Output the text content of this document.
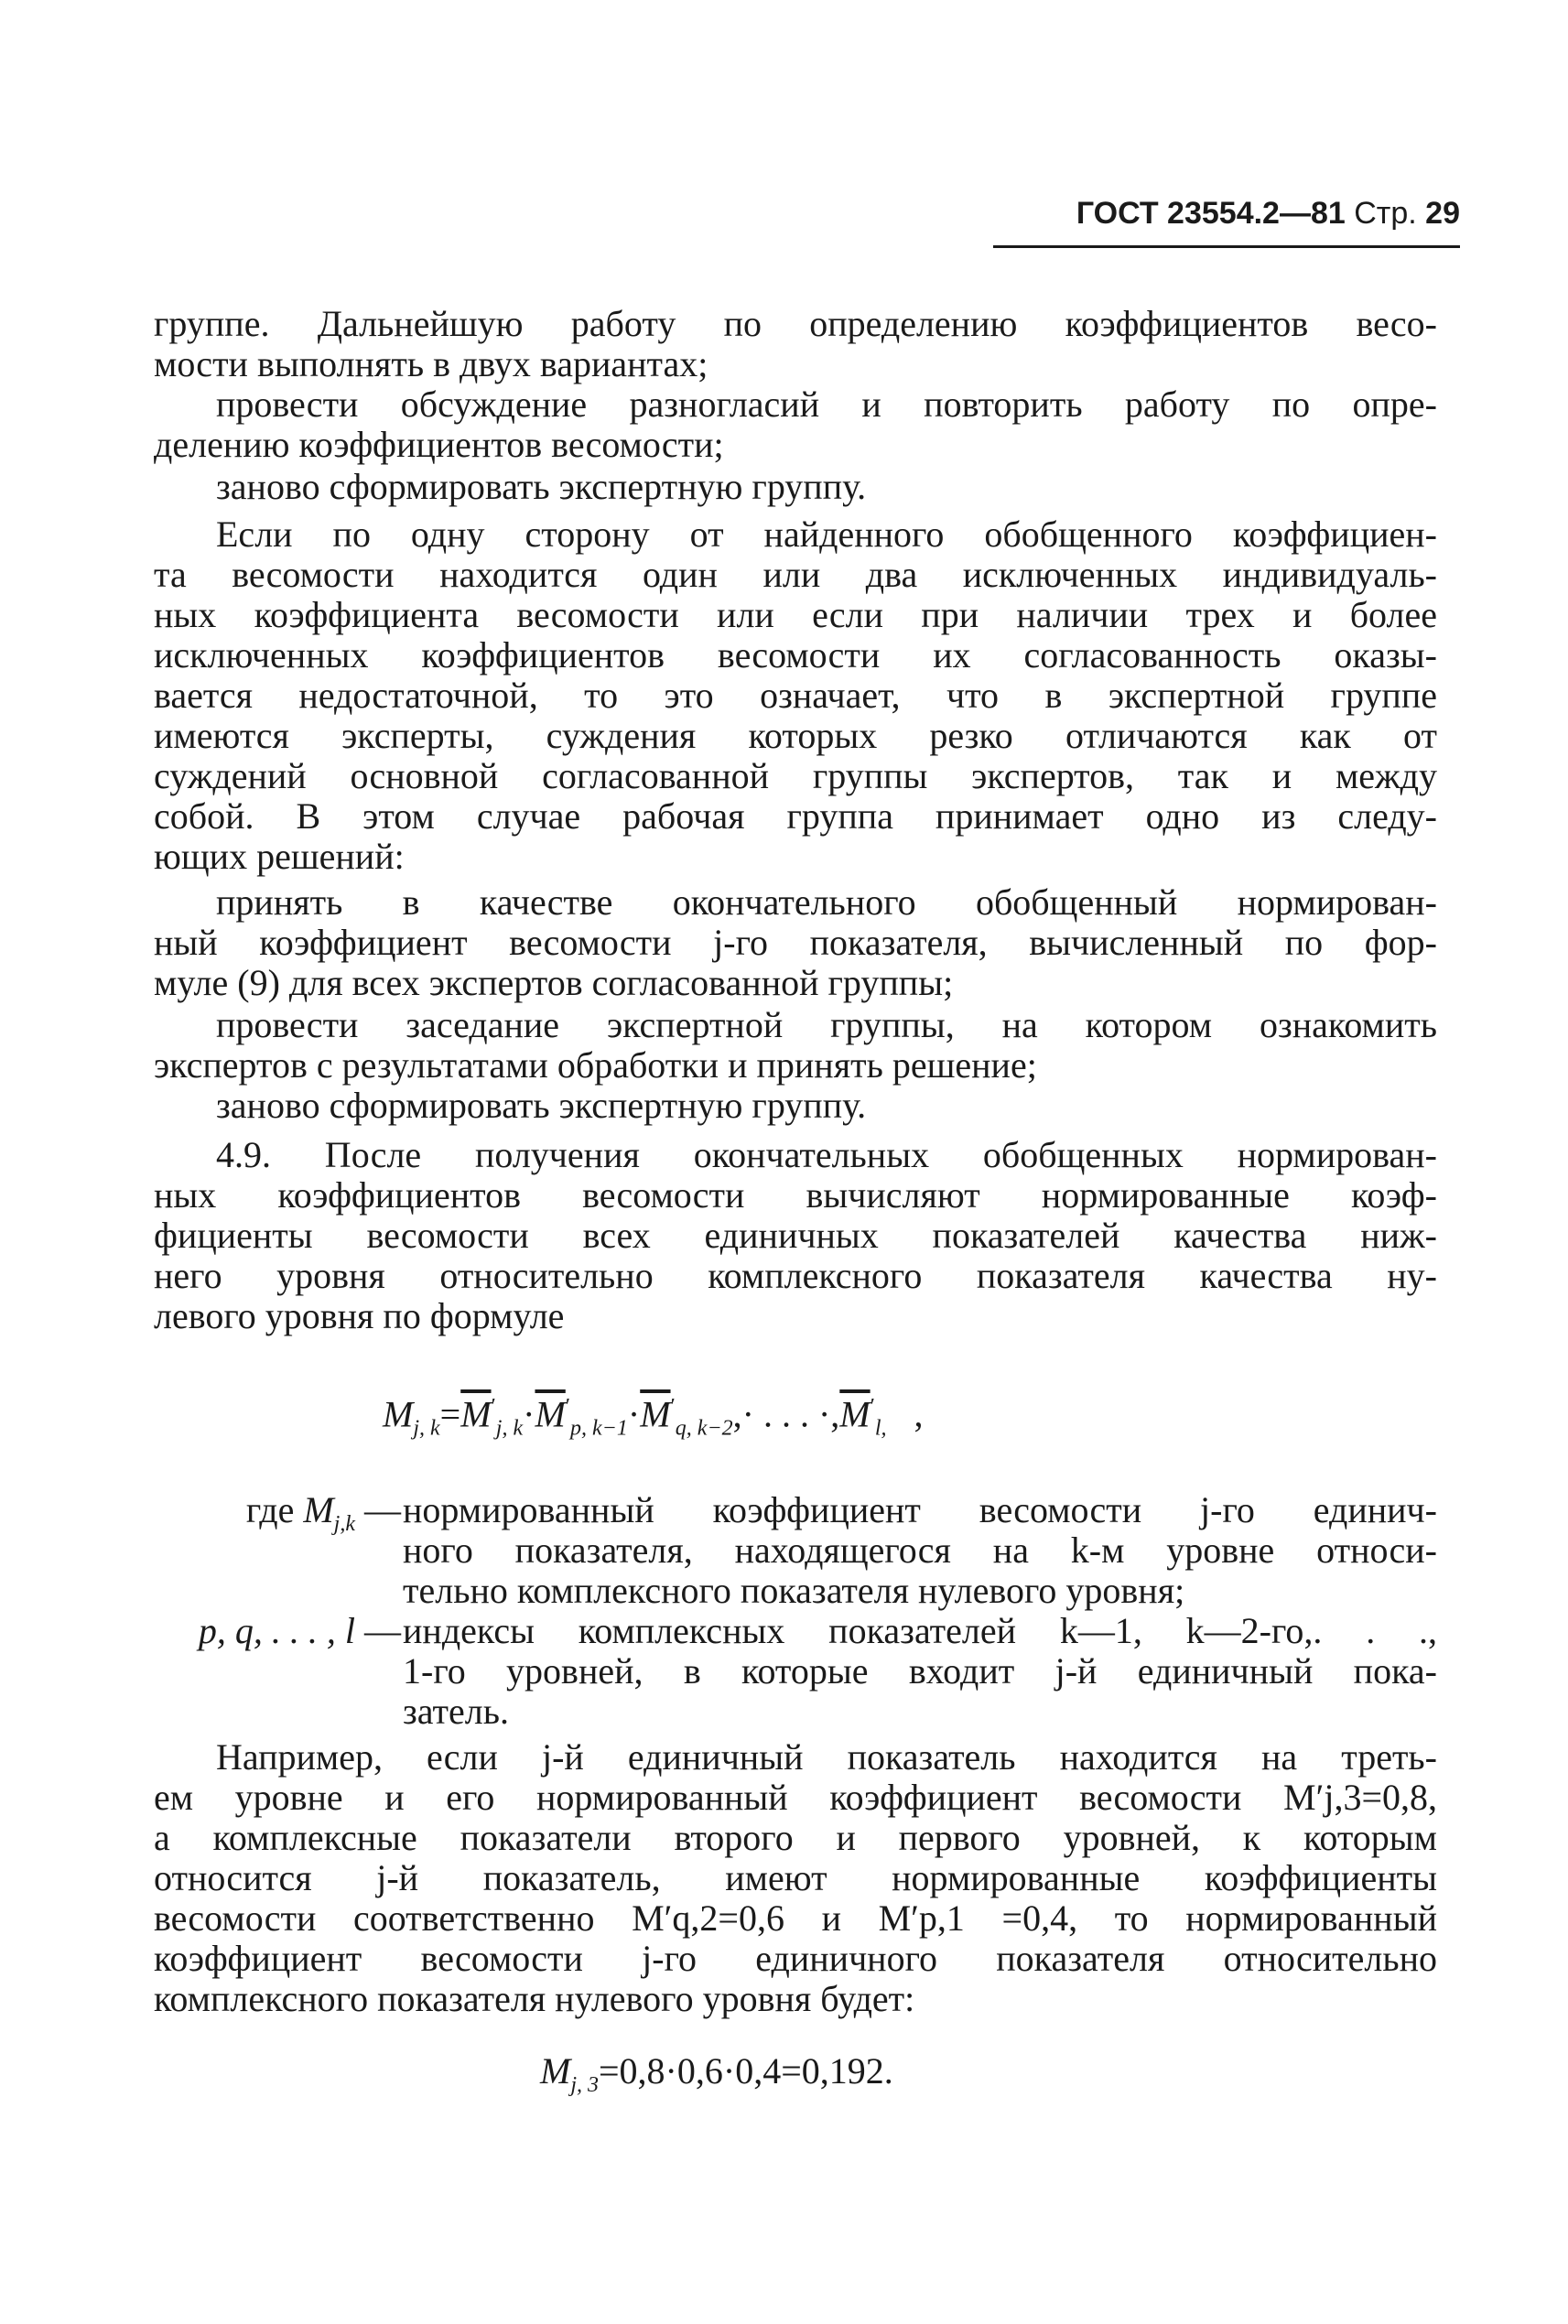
ГОСТ 23554.2—81 Стр. 29
группе. Дальнейшую работу по определению коэффициентов весо-
мости выполнять в двух вариантах;
провести обсуждение разногласий и повторить работу по опре-
делению коэффициентов весомости;
заново сформировать экспертную группу.
Если по одну сторону от найденного обобщенного коэффициен-
та весомости находится один или два исключенных индивидуаль-
ных коэффициента весомости или если при наличии трех и более
исключенных коэффициентов весомости их согласованность оказы-
вается недостаточной, то это означает, что в экспертной группе
имеются эксперты, суждения которых резко отличаются как от
суждений основной согласованной группы экспертов, так и между
собой. В этом случае рабочая группа принимает одно из следу-
ющих решений:
принять в качестве окончательного обобщенный нормирован-
ный коэффициент весомости j-го показателя, вычисленный по фор-
муле (9) для всех экспертов согласованной группы;
провести заседание экспертной группы, на котором ознакомить
экспертов с результатами обработки и принять решение;
заново сформировать экспертную группу.
4.9. После получения окончательных обобщенных нормирован-
ных коэффициентов весомости вычисляют нормированные коэф-
фициенты весомости всех единичных показателей качества ниж-
него уровня относительно комплексного показателя качества ну-
левого уровня по формуле
$M_{j, k}=\overline{M}'_{j, k}\cdot\overline{M}'_{p, k-1}\cdot\overline{M}'_{q, k-2},\cdot$ . . . $\cdot,\overline{M}'_{l,}$ ,
где $M_{j,k}$ — нормированный коэффициент весомости j-го единич-
ного показателя, находящегося на k-м уровне относи-
тельно комплексного показателя нулевого уровня;
p, q, . . . , l — индексы комплексных показателей k—1, k—2-го,. . .,
1-го уровней, в которые входит j-й единичный пока-
затель.
Например, если j-й единичный показатель находится на треть-
ем уровне и его нормированный коэффициент весомости M′j,3=0,8,
а комплексные показатели второго и первого уровней, к которым
относится j-й показатель, имеют нормированные коэффициенты
весомости соответственно M′q,2=0,6 и M′p,1 =0,4, то нормированный
коэффициент весомости j-го единичного показателя относительно
комплексного показателя нулевого уровня будет:
$M_{j, 3}=0,8\cdot 0,6\cdot 0,4=0,192$.
